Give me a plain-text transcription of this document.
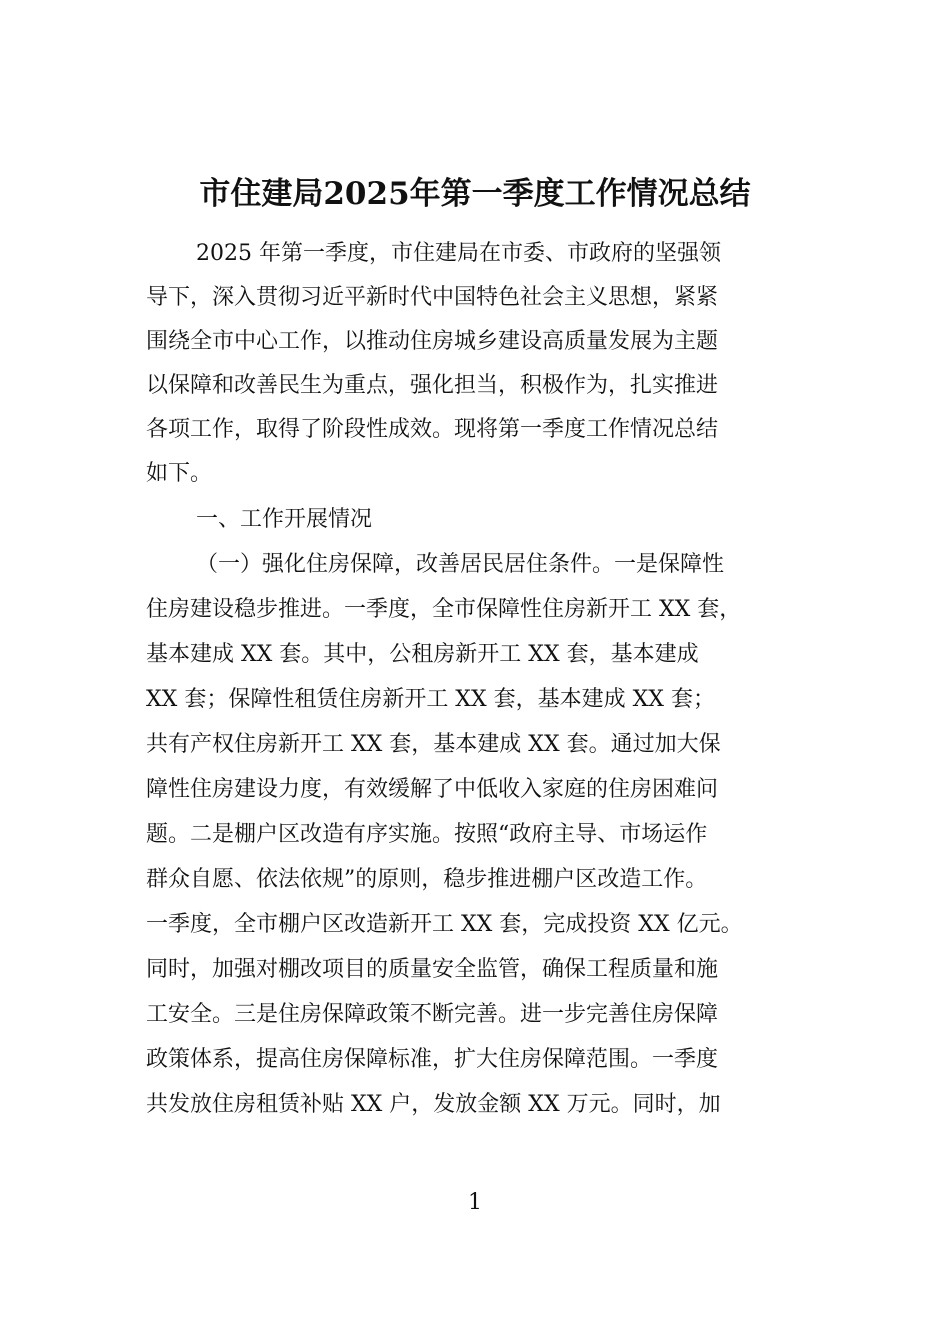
市住建局2025年第一季度工作情况总结
2025 年第一季度，市住建局在市委、市政府的坚强领
导下，深入贯彻习近平新时代中国特色社会主义思想，紧紧
围绕全市中心工作，以推动住房城乡建设高质量发展为主题
以保障和改善民生为重点，强化担当，积极作为，扎实推进
各项工作，取得了阶段性成效。现将第一季度工作情况总结
如下。
一、工作开展情况
（一）强化住房保障，改善居民居住条件。一是保障性
住房建设稳步推进。一季度，全市保障性住房新开工 XX 套，
基本建成 XX 套。其中，公租房新开工 XX 套，基本建成
XX 套；保障性租赁住房新开工 XX 套，基本建成 XX 套；
共有产权住房新开工 XX 套，基本建成 XX 套。通过加大保
障性住房建设力度，有效缓解了中低收入家庭的住房困难问
题。二是棚户区改造有序实施。按照“政府主导、市场运作
群众自愿、依法依规”的原则，稳步推进棚户区改造工作。
一季度，全市棚户区改造新开工 XX 套，完成投资 XX 亿元。
同时，加强对棚改项目的质量安全监管，确保工程质量和施
工安全。三是住房保障政策不断完善。进一步完善住房保障
政策体系，提高住房保障标准，扩大住房保障范围。一季度
共发放住房租赁补贴 XX 户，发放金额 XX 万元。同时，加
1
